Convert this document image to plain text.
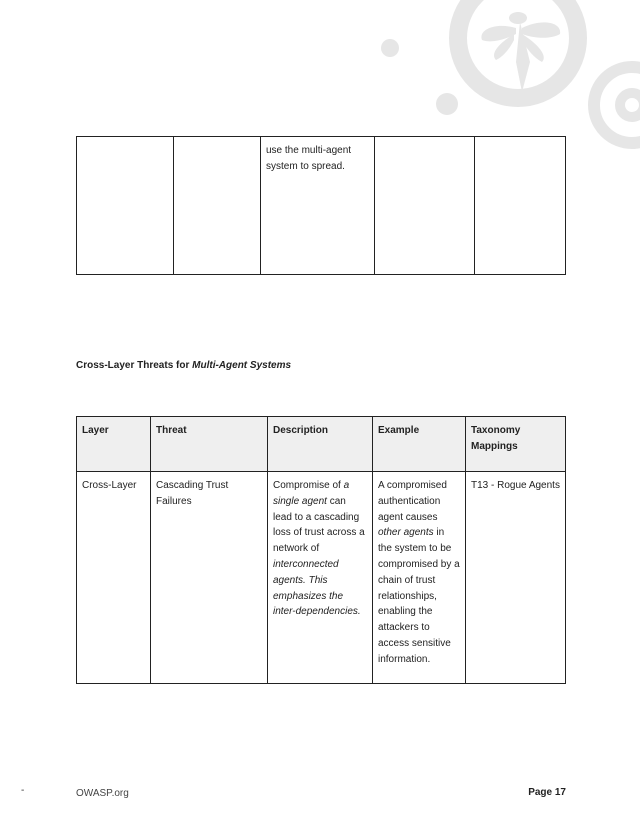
		use the multi-agent system to spread.		
Cross-Layer Threats for Multi-Agent Systems
Layer	Threat	Description	Example	Taxonomy Mappings
Cross-Layer	Cascading Trust Failures	Compromise of a single agent can lead to a cascading loss of trust across a network of interconnected agents. This emphasizes the inter-dependencies.	A compromised authentication agent causes other agents in the system to be compromised by a chain of trust relationships, enabling the attackers to access sensitive information.	T13 - Rogue Agents
-	OWASP.org	Page 17
